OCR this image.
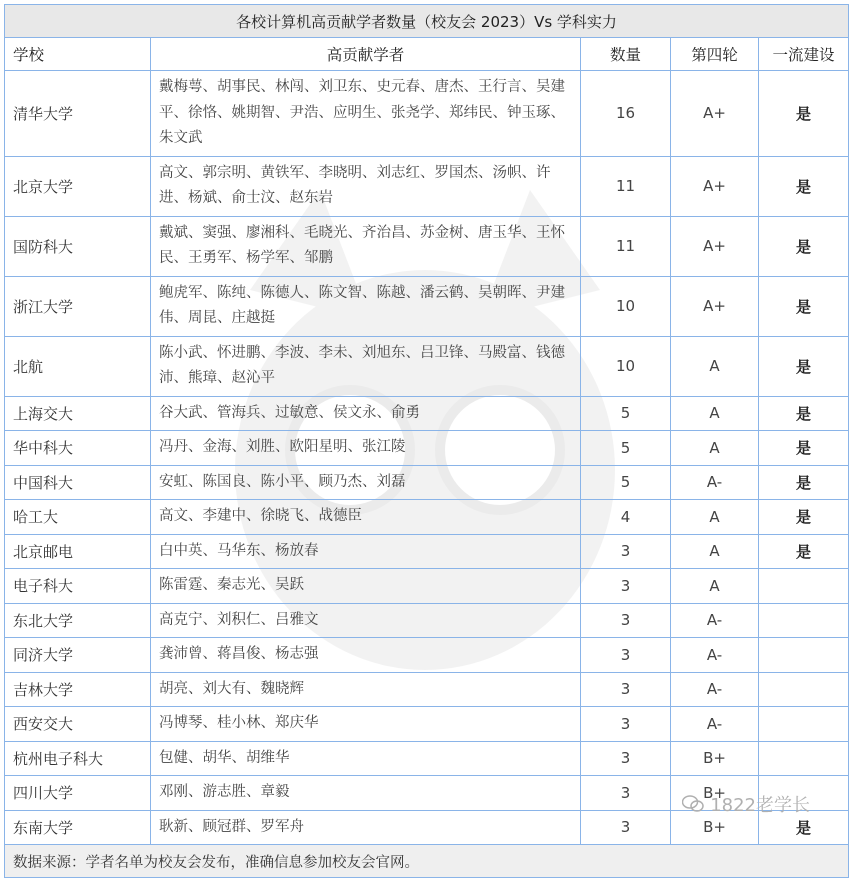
各校计算机高贡献学者数量（校友会 2023）Vs 学科实力				
学校	高贡献学者	数量	第四轮	一流建设
清华大学	戴梅萼、胡事民、林闯、刘卫东、史元春、唐杰、王行言、吴建平、徐恪、姚期智、尹浩、应明生、张尧学、郑纬民、钟玉琢、朱文武	16	A+	是
北京大学	高文、郭宗明、黄铁军、李晓明、刘志红、罗国杰、汤帜、许进、杨斌、俞士汶、赵东岩	11	A+	是
国防科大	戴斌、窦强、廖湘科、毛晓光、齐治昌、苏金树、唐玉华、王怀民、王勇军、杨学军、邹鹏	11	A+	是
浙江大学	鲍虎军、陈纯、陈德人、陈文智、陈越、潘云鹤、吴朝晖、尹建伟、周昆、庄越挺	10	A+	是
北航	陈小武、怀进鹏、李波、李未、刘旭东、吕卫锋、马殿富、钱德沛、熊璋、赵沁平	10	A	是
上海交大	谷大武、管海兵、过敏意、侯文永、俞勇	5	A	是
华中科大	冯丹、金海、刘胜、欧阳星明、张江陵	5	A	是
中国科大	安虹、陈国良、陈小平、顾乃杰、刘磊	5	A-	是
哈工大	高文、李建中、徐晓飞、战德臣	4	A	是
北京邮电	白中英、马华东、杨放春	3	A	是
电子科大	陈雷霆、秦志光、吴跃	3	A	
东北大学	高克宁、刘积仁、吕雅文	3	A-	
同济大学	龚沛曾、蒋昌俊、杨志强	3	A-	
吉林大学	胡亮、刘大有、魏晓辉	3	A-	
西安交大	冯博琴、桂小林、郑庆华	3	A-	
杭州电子科大	包健、胡华、胡维华	3	B+	
四川大学	邓刚、游志胜、章毅	3	B+	
东南大学	耿新、顾冠群、罗军舟	3	B+	是
数据来源：学者名单为校友会发布，准确信息参加校友会官网。				
1822老学长
